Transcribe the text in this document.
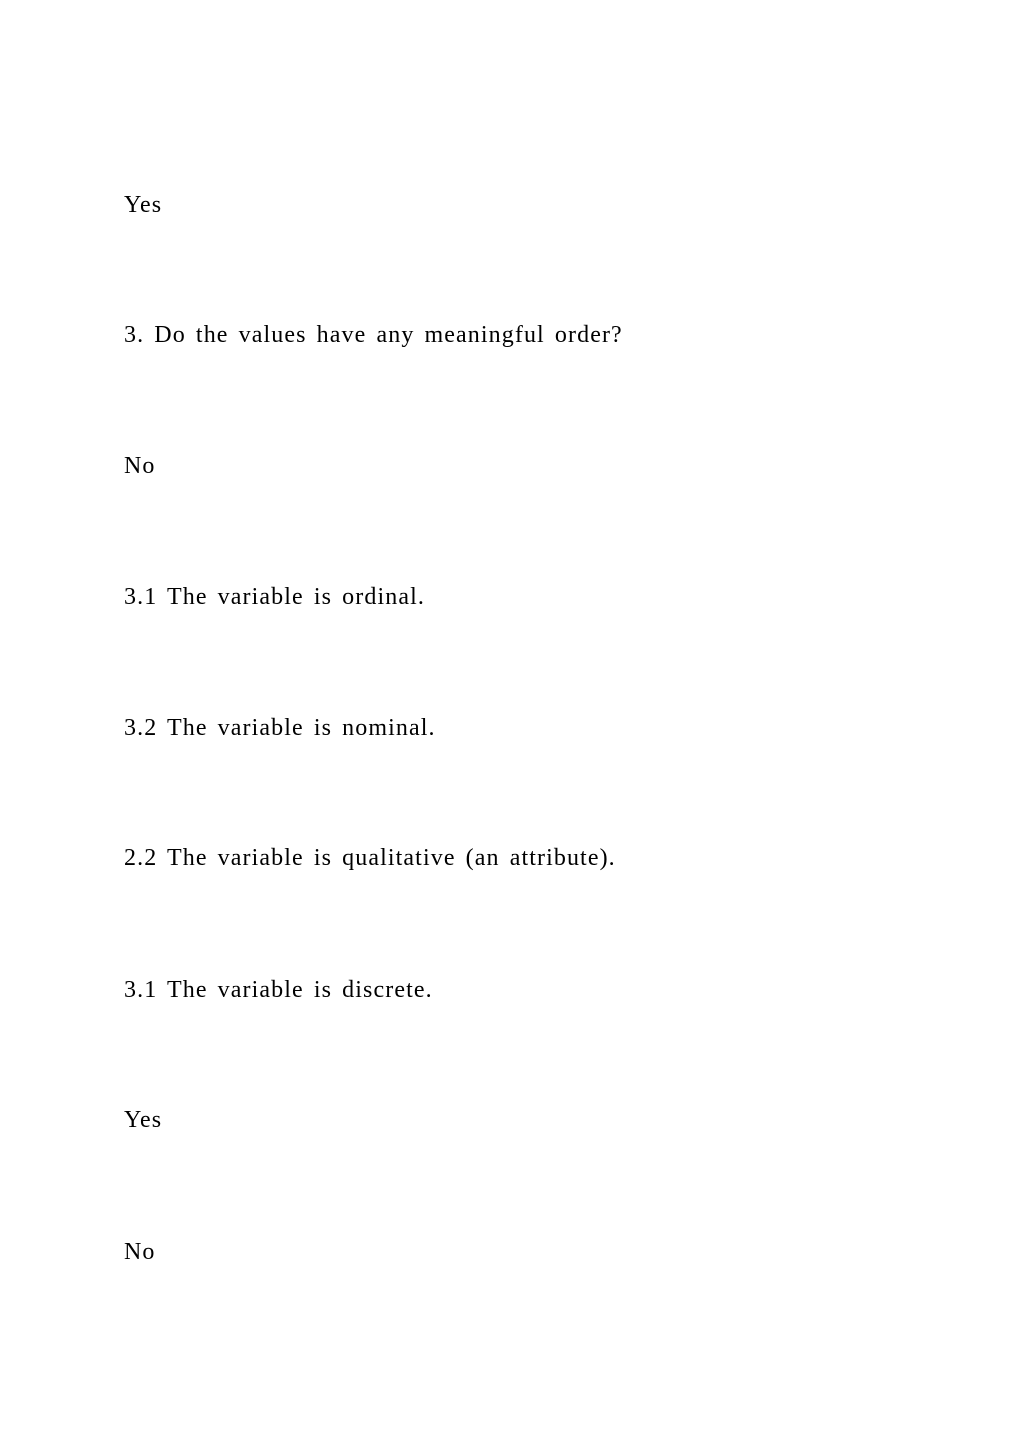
Yes

3. Do the values have any meaningful order?

No

3.1 The variable is ordinal.

3.2 The variable is nominal.

2.2 The variable is qualitative (an attribute).

3.1 The variable is discrete.

Yes

No
